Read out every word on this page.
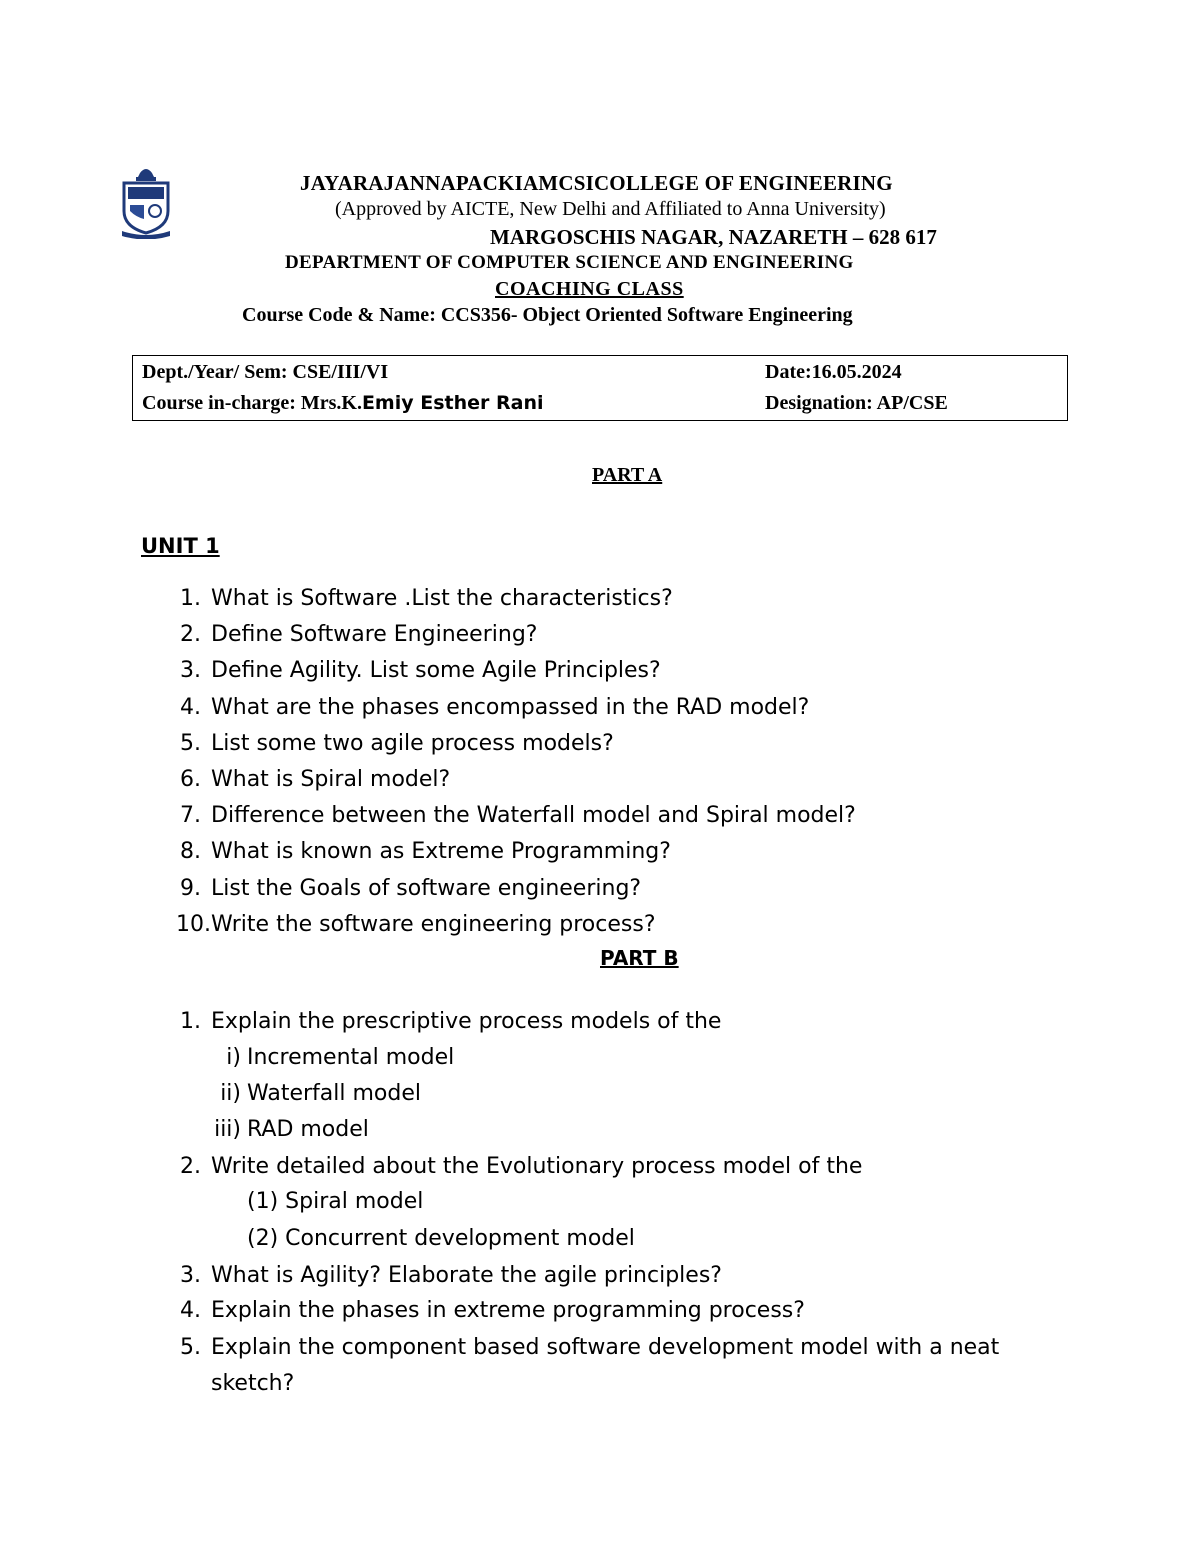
JAYARAJANNAPACKIAMCSICOLLEGE OF ENGINEERING
(Approved by AICTE, New Delhi and Affiliated to Anna University)
MARGOSCHIS NAGAR, NAZARETH – 628 617
DEPARTMENT OF COMPUTER SCIENCE AND ENGINEERING
COACHING CLASS
Course Code & Name: CCS356- Object Oriented Software Engineering
Dept./Year/ Sem: CSE/III/VI	Date:16.05.2024
Course in-charge: Mrs.K.Emiy Esther Rani	Designation: AP/CSE
PART A
UNIT 1
1. What is Software .List the characteristics?
2. Define Software Engineering?
3. Define Agility. List some Agile Principles?
4. What are the phases encompassed in the RAD model?
5. List some two agile process models?
6. What is Spiral model?
7. Difference between the Waterfall model and Spiral model?
8. What is known as Extreme Programming?
9. List the Goals of software engineering?
10. Write the software engineering process?
PART B
1. Explain the prescriptive process models of the
i) Incremental model
ii) Waterfall model
iii) RAD model
2. Write detailed about the Evolutionary process model of the
(1) Spiral model
(2) Concurrent development model
3. What is Agility? Elaborate the agile principles?
4. Explain the phases in extreme programming process?
5. Explain the component based software development model with a neat
sketch?
